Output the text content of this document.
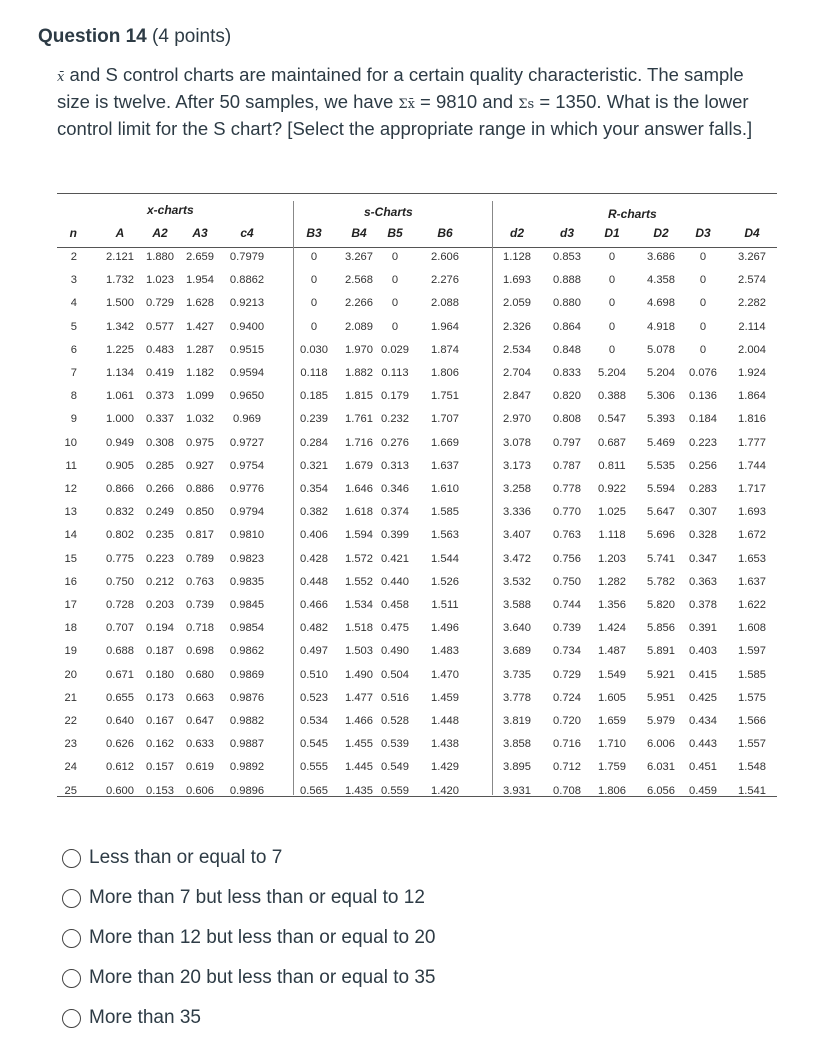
Question 14 (4 points)
x̄ and S control charts are maintained for a certain quality characteristic. The sample size is twelve. After 50 samples, we have Σx̄ = 9810 and Σs = 1350. What is the lower control limit for the S chart? [Select the appropriate range in which your answer falls.]
x-charts	s-Charts	R-charts
n	A A2 A3	c4	B3 B4 B5	B6	d2	d3	D1	D2 D3	D4
2	2.121 1.880 2.659 0.7979	0 3.267 0	2.606	1.128 0.853 0	3.686 0	3.267
3	1.732 1.023 1.954 0.8862	0 2.568 0	2.276	1.693 0.888 0	4.358 0	2.574
4	1.500 0.729 1.628 0.9213	0 2.266 0	2.088	2.059 0.880 0	4.698 0	2.282
5	1.342 0.577 1.427 0.9400	0 2.089 0	1.964	2.326 0.864 0	4.918 0	2.114
6	1.225 0.483 1.287 0.9515	0.030 1.970 0.029 1.874	2.534 0.848 0	5.078 0	2.004
7	1.134 0.419 1.182 0.9594	0.118 1.882 0.113 1.806	2.704 0.833 5.204 5.204 0.076 1.924
8	1.061 0.373 1.099 0.9650	0.185 1.815 0.179 1.751	2.847 0.820 0.388 5.306 0.136 1.864
9	1.000 0.337 1.032 0.969	0.239 1.761 0.232 1.707	2.970 0.808 0.547 5.393 0.184 1.816
10	0.949 0.308 0.975 0.9727	0.284 1.716 0.276 1.669	3.078 0.797 0.687 5.469 0.223 1.777
11	0.905 0.285 0.927 0.9754	0.321 1.679 0.313 1.637	3.173 0.787 0.811 5.535 0.256 1.744
12	0.866 0.266 0.886 0.9776	0.354 1.646 0.346 1.610	3.258 0.778 0.922 5.594 0.283 1.717
13	0.832 0.249 0.850 0.9794	0.382 1.618 0.374 1.585	3.336 0.770 1.025 5.647 0.307 1.693
14	0.802 0.235 0.817 0.9810	0.406 1.594 0.399 1.563	3.407 0.763 1.118 5.696 0.328 1.672
15	0.775 0.223 0.789 0.9823	0.428 1.572 0.421 1.544	3.472 0.756 1.203 5.741 0.347 1.653
16	0.750 0.212 0.763 0.9835	0.448 1.552 0.440 1.526	3.532 0.750 1.282 5.782 0.363 1.637
17	0.728 0.203 0.739 0.9845	0.466 1.534 0.458 1.511	3.588 0.744 1.356 5.820 0.378 1.622
18	0.707 0.194 0.718 0.9854	0.482 1.518 0.475 1.496	3.640 0.739 1.424 5.856 0.391 1.608
19	0.688 0.187 0.698 0.9862	0.497 1.503 0.490 1.483	3.689 0.734 1.487 5.891 0.403 1.597
20	0.671 0.180 0.680 0.9869	0.510 1.490 0.504 1.470	3.735 0.729 1.549 5.921 0.415 1.585
21	0.655 0.173 0.663 0.9876	0.523 1.477 0.516 1.459	3.778 0.724 1.605 5.951 0.425 1.575
22	0.640 0.167 0.647 0.9882	0.534 1.466 0.528 1.448	3.819 0.720 1.659 5.979 0.434 1.566
23	0.626 0.162 0.633 0.9887	0.545 1.455 0.539 1.438	3.858 0.716 1.710 6.006 0.443 1.557
24	0.612 0.157 0.619 0.9892	0.555 1.445 0.549 1.429	3.895 0.712 1.759 6.031 0.451 1.548
25	0.600 0.153 0.606 0.9896	0.565 1.435 0.559 1.420	3.931 0.708 1.806 6.056 0.459 1.541
Less than or equal to 7
More than 7 but less than or equal to 12
More than 12 but less than or equal to 20
More than 20 but less than or equal to 35
More than 35
